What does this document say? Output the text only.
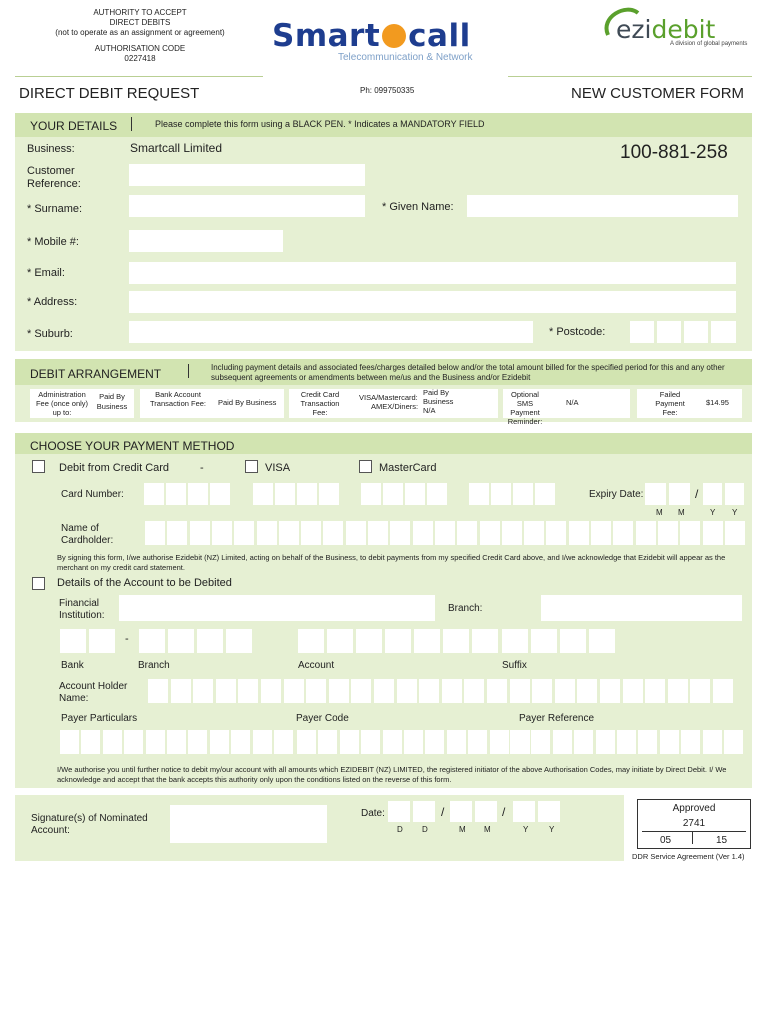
AUTHORITY TO ACCEPT
DIRECT DEBITS
(not to operate as an assignment or agreement)
AUTHORISATION CODE
0227418
Smart call
Telecommunication & Network
ezidebit
A division of global payments
DIRECT DEBIT REQUEST	Ph: 099750335	NEW CUSTOMER FORM
YOUR DETAILS	Please complete this form using a BLACK PEN. * Indicates a MANDATORY FIELD
Business:	Smartcall Limited	100-881-258
Customer Reference:
* Surname:	* Given Name:
* Mobile #:
* Email:
* Address:
* Suburb:	* Postcode:
DEBIT ARRANGEMENT	Including payment details and associated fees/charges detailed below and/or the total amount billed for the specified period for this and any other subsequent agreements or amendments between me/us and the Business and/or Ezidebit
Administration Fee (once only) up to:
Paid By Business
Bank Account Transaction Fee:	Paid By Business
Credit Card Transaction Fee:
VISA/Mastercard:
Paid By Business
AMEX/Diners: N/A
Optional SMS Payment Reminder:
N/A
Failed Payment Fee:
$14.95
CHOOSE YOUR PAYMENT METHOD
Debit from Credit Card	-	VISA	MasterCard
Card Number:	Expiry Date:	/
M M	Y Y
Name of Cardholder:
By signing this form, I/we authorise Ezidebit (NZ) Limited, acting on behalf of the Business, to debit payments from my specified Credit Card above, and I/we acknowledge that Ezidebit will appear as the merchant on my credit card statement.
Details of the Account to be Debited
Financial Institution:
Branch:
-
Bank	Branch	Account	Suffix
Account Holder Name:
Payer Particulars	Payer Code	Payer Reference
I/We authorise you until further notice to debit my/our account with all amounts which EZIDEBIT (NZ) LIMITED, the registered initiator of the above Authorisation Codes, may initiate by Direct Debit. I/ We acknowledge and accept that the bank accepts this authority only upon the conditions listed on the reverse of this form.
Signature(s) of Nominated Account:
Date:	/	/
D D	M M	Y	Y
Approved
2741
05	15
DDR Service Agreement (Ver 1.4)
